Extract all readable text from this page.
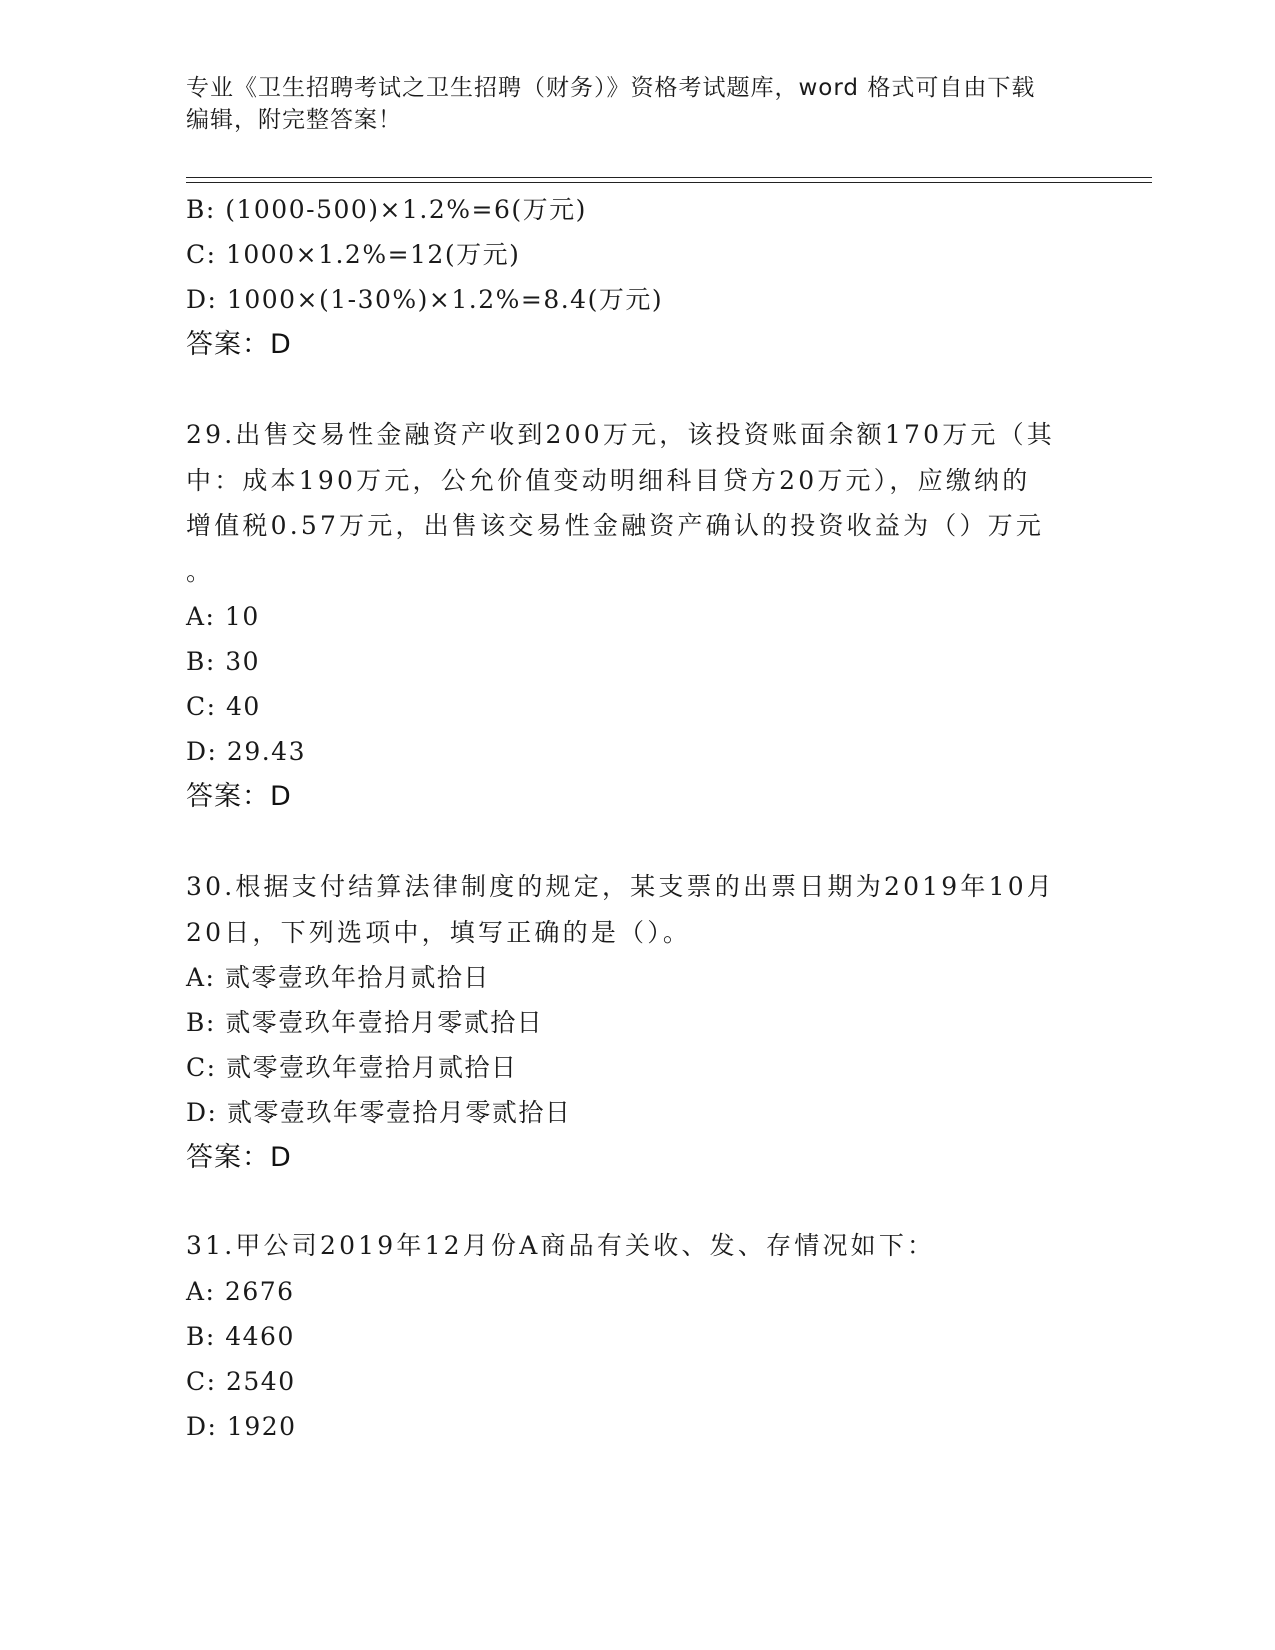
专业《卫生招聘考试之卫生招聘（财务）》资格考试题库，word 格式可自由下载
编辑，附完整答案！
B: (1000-500)×1.2%=6(万元)
C: 1000×1.2%=12(万元)
D: 1000×(1-30%)×1.2%=8.4(万元)
答案：D
29.出售交易性金融资产收到200万元，该投资账面余额170万元（其
中：成本190万元，公允价值变动明细科目贷方20万元），应缴纳的
增值税0.57万元，出售该交易性金融资产确认的投资收益为（）万元
。
A: 10
B: 30
C: 40
D: 29.43
答案：D
30.根据支付结算法律制度的规定，某支票的出票日期为2019年10月
20日，下列选项中，填写正确的是（）。
A: 贰零壹玖年拾月贰拾日
B: 贰零壹玖年壹拾月零贰拾日
C: 贰零壹玖年壹拾月贰拾日
D: 贰零壹玖年零壹拾月零贰拾日
答案：D
31.甲公司2019年12月份A商品有关收、发、存情况如下：
A: 2676
B: 4460
C: 2540
D: 1920
